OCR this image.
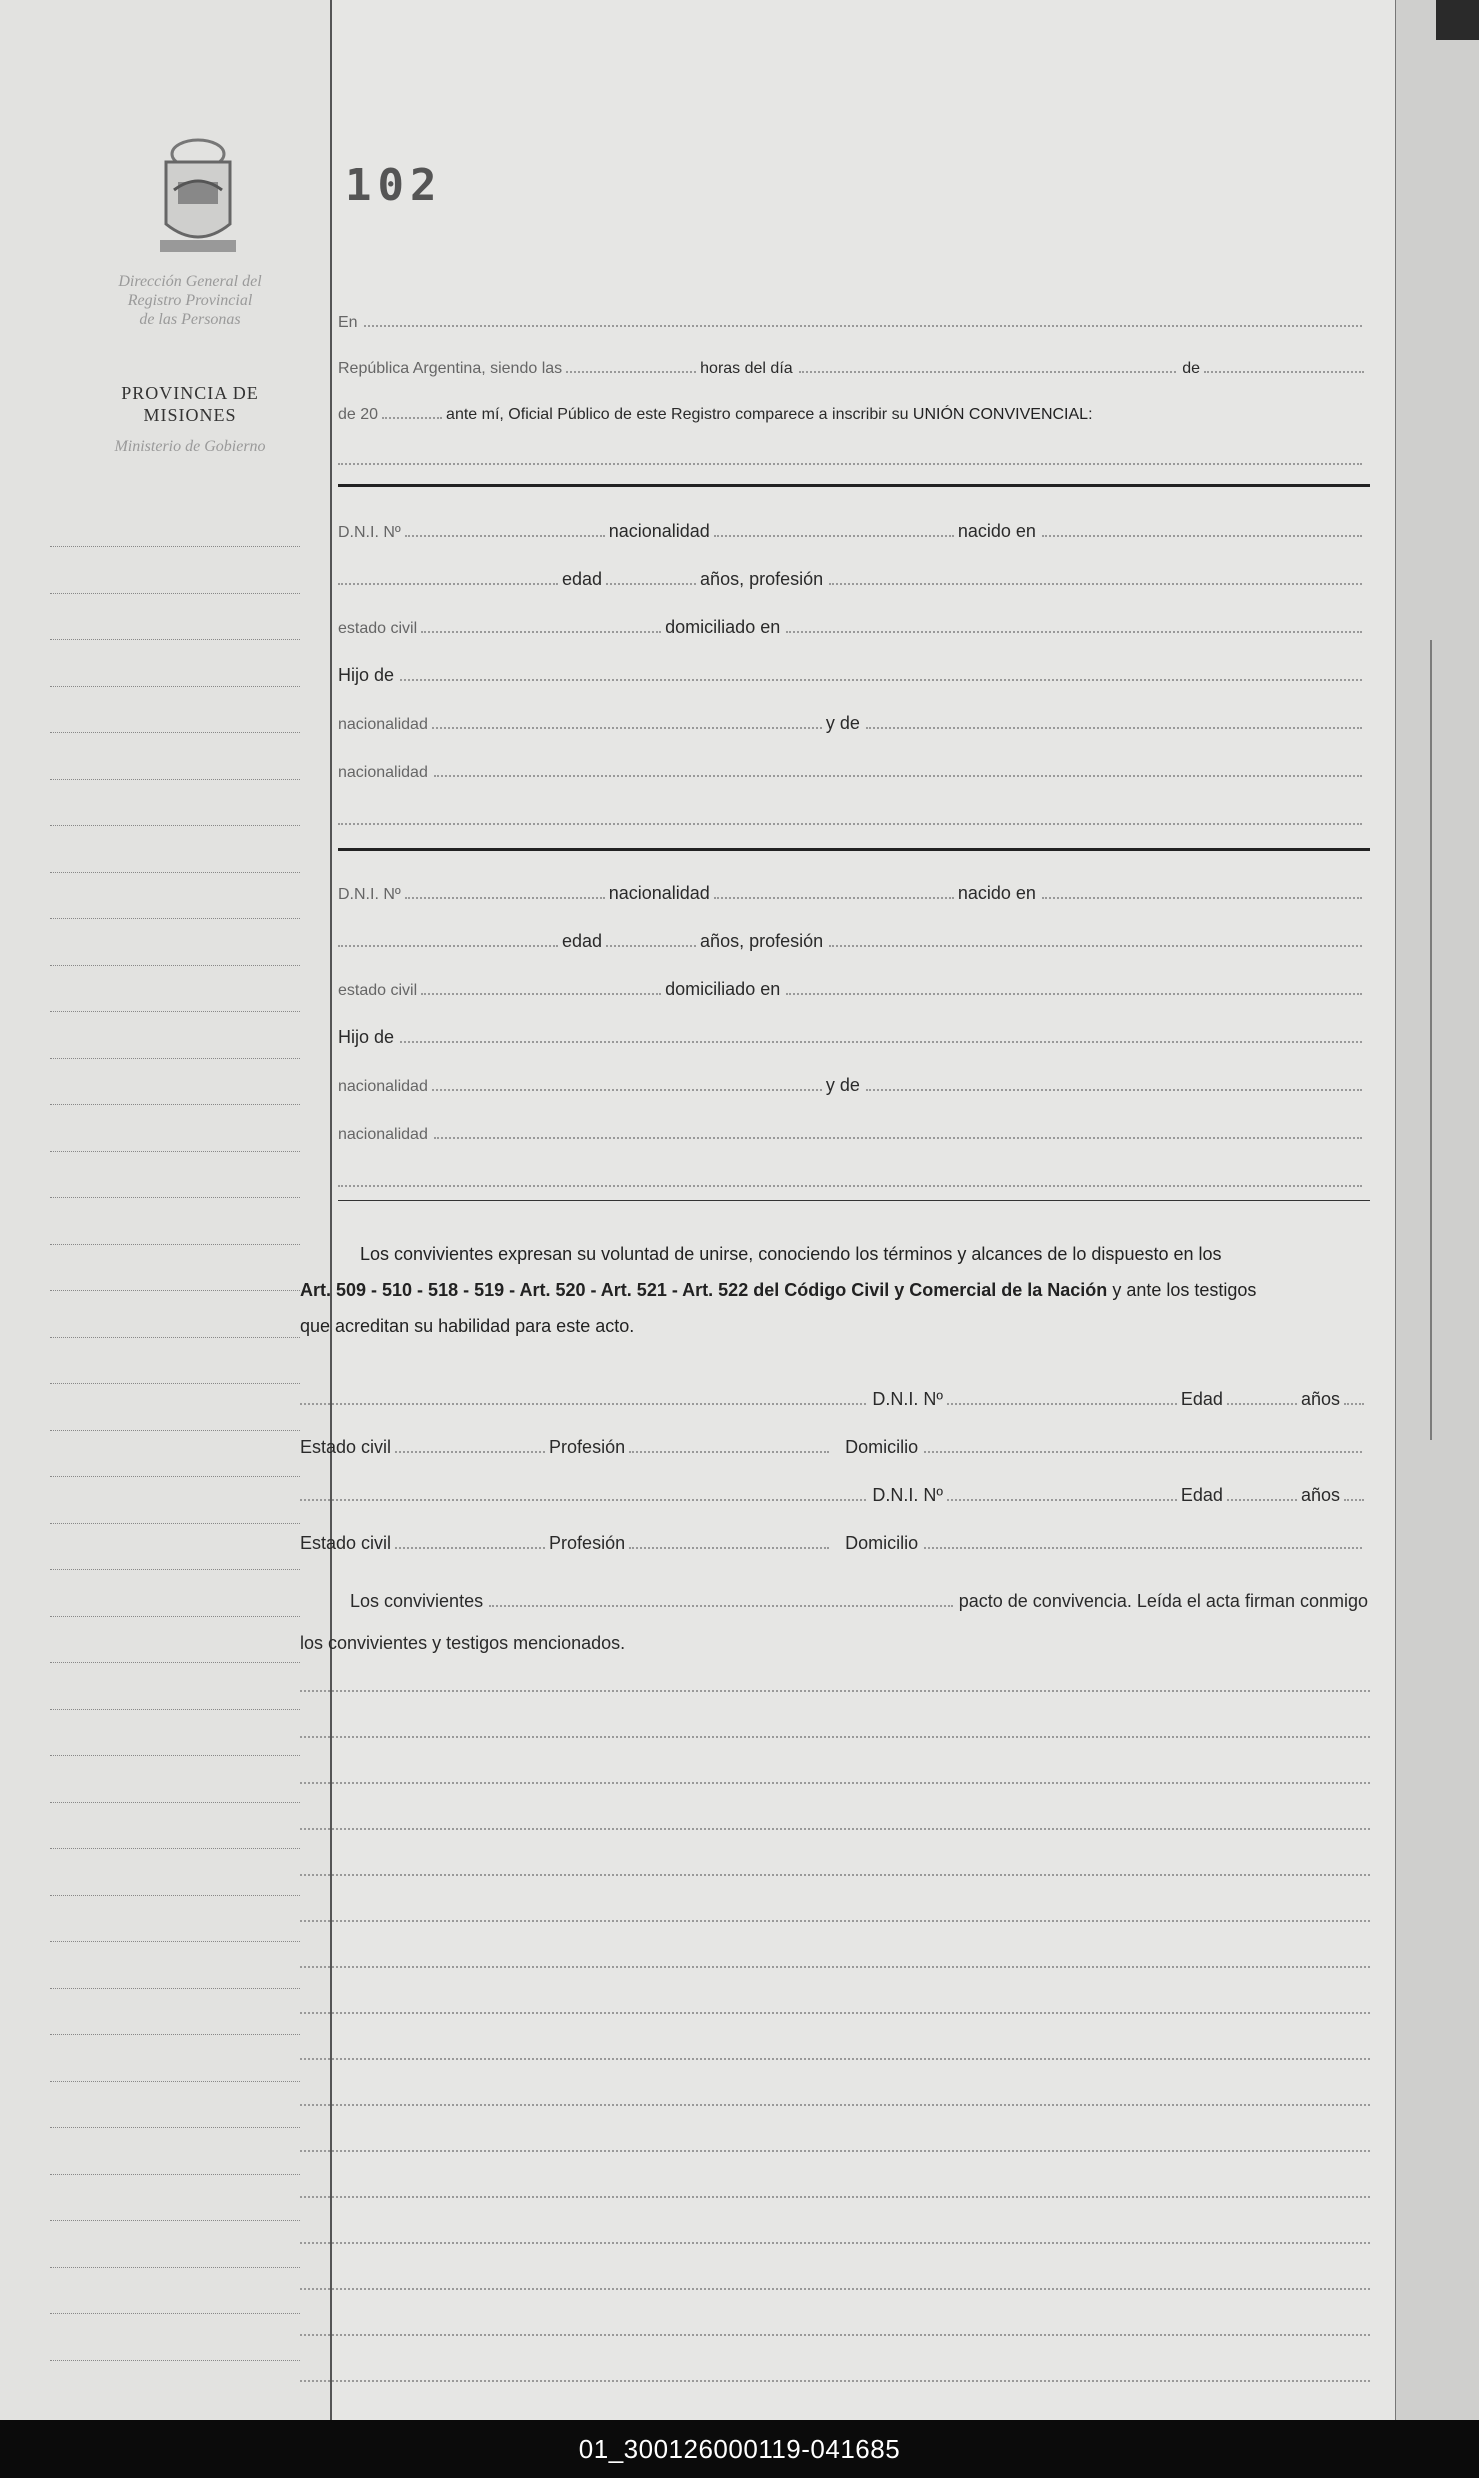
Dirección General del
Registro Provincial
de las Personas
PROVINCIA DE
MISIONES
Ministerio de Gobierno
102
En
República Argentina, siendo las	horas del día	de
de 20	ante mí, Oficial Público de este Registro comparece a inscribir su
UNIÓN CONVIVENCIAL:
D.N.I. Nº	nacionalidad	nacido en
edad	años, profesión
estado civil	domiciliado en
Hijo de
nacionalidad	y de
nacionalidad
D.N.I. Nº	nacionalidad	nacido en
edad	años, profesión
estado civil	domiciliado en
Hijo de
nacionalidad	y de
nacionalidad
Los convivientes expresan su voluntad de unirse, conociendo los términos y alcances de lo dispuesto en los
Art. 509 - 510 - 518 - 519 - Art. 520 - Art. 521 - Art. 522 del Código Civil y Comercial de la Nación y ante los testigos
que acreditan su habilidad para este acto.
D.N.I. Nº	Edad	años
Estado civil	Profesión	Domicilio
D.N.I. Nº	Edad	años
Estado civil	Profesión	Domicilio
Los convivientes	pacto de convivencia. Leída el acta firman conmigo
los convivientes y testigos mencionados.
01_300126000119-041685
